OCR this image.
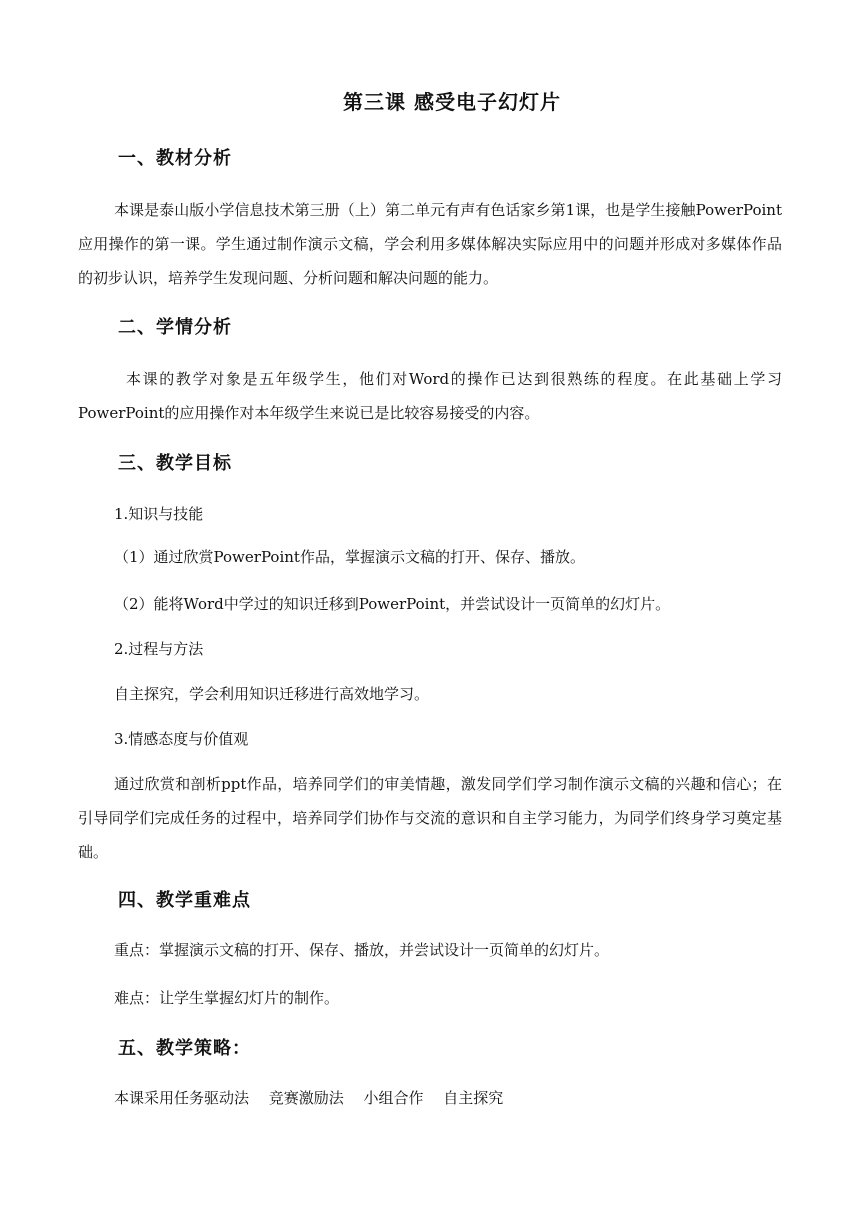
第三课 感受电子幻灯片
一、教材分析

本课是泰山版小学信息技术第三册（上）第二单元有声有色话家乡第1课，也是学生接触PowerPoint应用操作的第一课。学生通过制作演示文稿，学会利用多媒体解决实际应用中的问题并形成对多媒体作品的初步认识，培养学生发现问题、分析问题和解决问题的能力。

二、学情分析

本课的教学对象是五年级学生，他们对Word的操作已达到很熟练的程度。在此基础上学习PowerPoint的应用操作对本年级学生来说已是比较容易接受的内容。

三、教学目标
1.知识与技能
（1）通过欣赏PowerPoint作品，掌握演示文稿的打开、保存、播放。
（2）能将Word中学过的知识迁移到PowerPoint，并尝试设计一页简单的幻灯片。
2.过程与方法
自主探究，学会利用知识迁移进行高效地学习。
3.情感态度与价值观

通过欣赏和剖析ppt作品，培养同学们的审美情趣，激发同学们学习制作演示文稿的兴趣和信心；在引导同学们完成任务的过程中，培养同学们协作与交流的意识和自主学习能力，为同学们终身学习奠定基础。

四、教学重难点
重点：掌握演示文稿的打开、保存、播放，并尝试设计一页简单的幻灯片。
难点：让学生掌握幻灯片的制作。
五、教学策略：
本课采用任务驱动法　 竞赛激励法　 小组合作　 自主探究
